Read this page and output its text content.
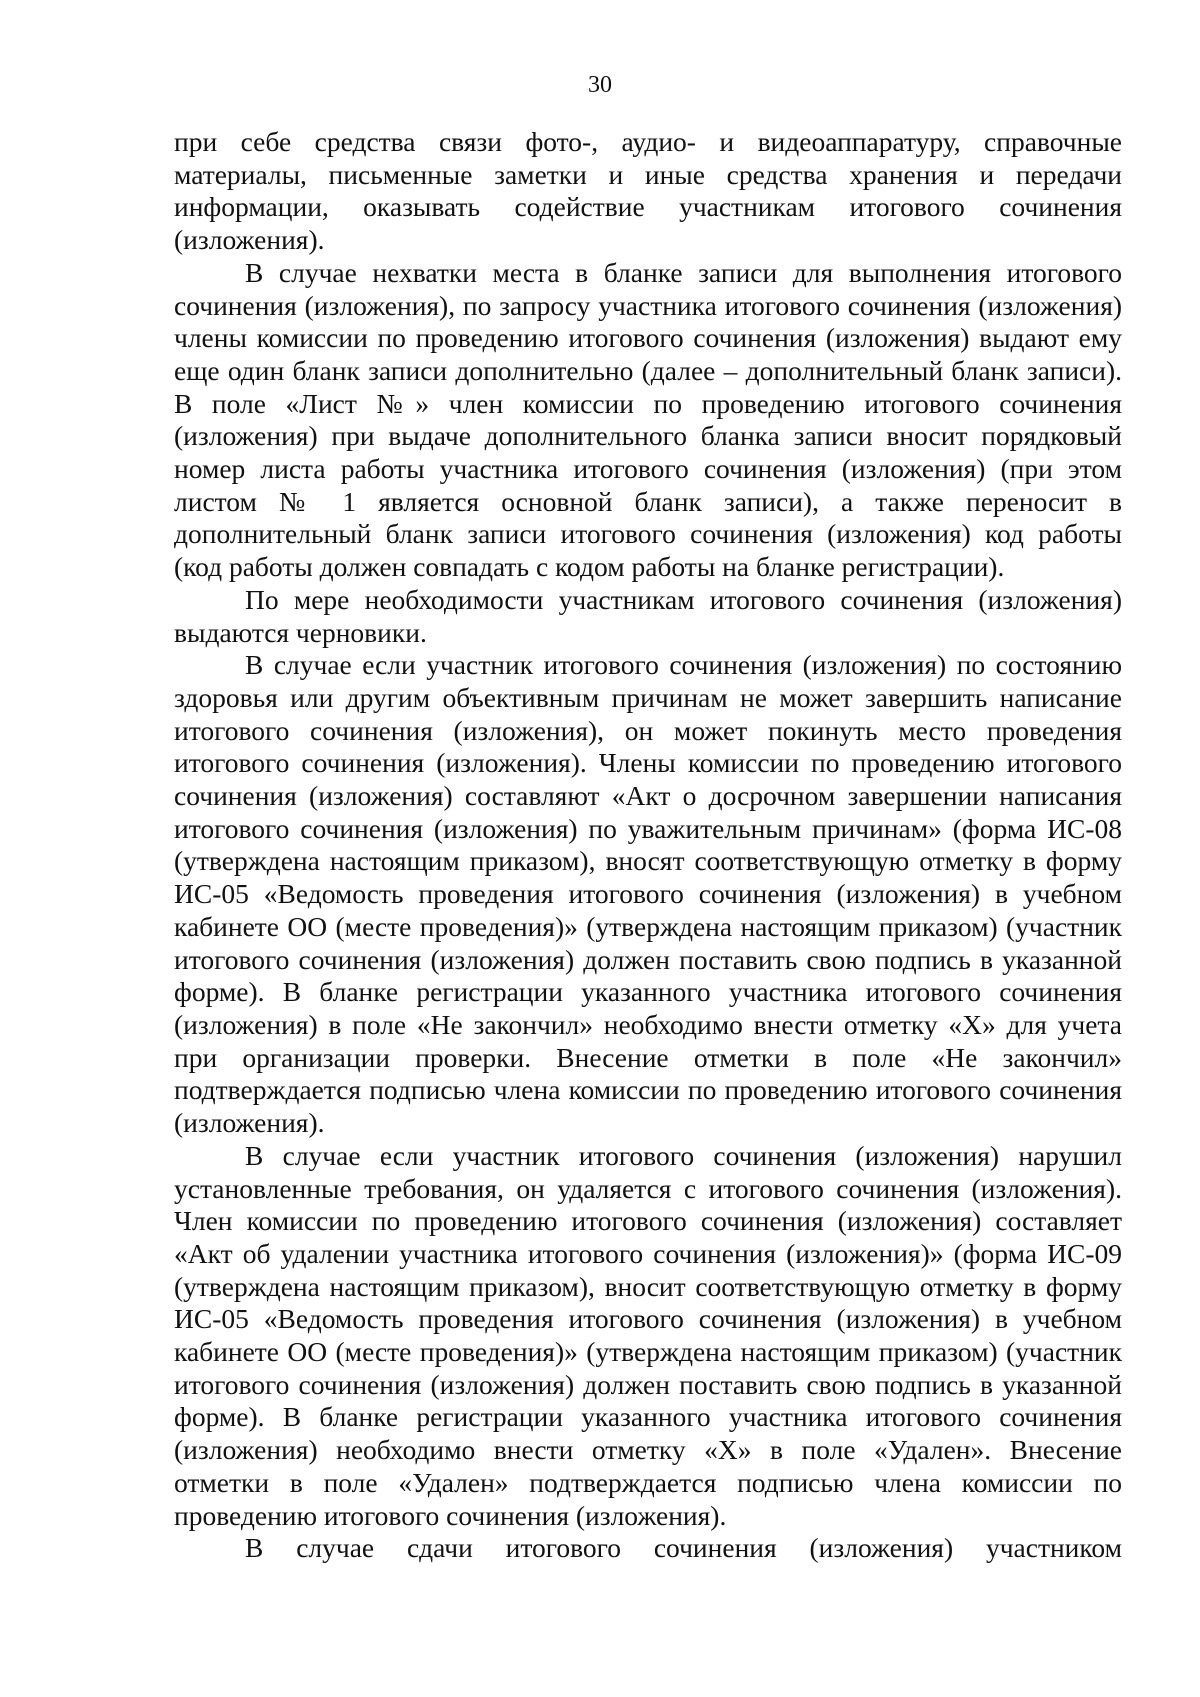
30

при себе средства связи фото-, аудио- и видеоаппаратуру, справочные материалы, письменные заметки и иные средства хранения и передачи информации, оказывать содействие участникам итогового сочинения (изложения).

В случае нехватки места в бланке записи для выполнения итогового сочинения (изложения), по запросу участника итогового сочинения (изложения) члены комиссии по проведению итогового сочинения (изложения) выдают ему еще один бланк записи дополнительно (далее – дополнительный бланк записи). В поле «Лист №» член комиссии по проведению итогового сочинения (изложения) при выдаче дополнительного бланка записи вносит порядковый номер листа работы участника итогового сочинения (изложения) (при этом листом № 1 является основной бланк записи), а также переносит в дополнительный бланк записи итогового сочинения (изложения) код работы (код работы должен совпадать с кодом работы на бланке регистрации).

По мере необходимости участникам итогового сочинения (изложения) выдаются черновики.

В случае если участник итогового сочинения (изложения) по состоянию здоровья или другим объективным причинам не может завершить написание итогового сочинения (изложения), он может покинуть место проведения итогового сочинения (изложения). Члены комиссии по проведению итогового сочинения (изложения) составляют «Акт о досрочном завершении написания итогового сочинения (изложения) по уважительным причинам» (форма ИС-08 (утверждена настоящим приказом), вносят соответствующую отметку в форму ИС-05 «Ведомость проведения итогового сочинения (изложения) в учебном кабинете ОО (месте проведения)» (утверждена настоящим приказом) (участник итогового сочинения (изложения) должен поставить свою подпись в указанной форме). В бланке регистрации указанного участника итогового сочинения (изложения) в поле «Не закончил» необходимо внести отметку «X» для учета при организации проверки. Внесение отметки в поле «Не закончил» подтверждается подписью члена комиссии по проведению итогового сочинения (изложения).

В случае если участник итогового сочинения (изложения) нарушил установленные требования, он удаляется с итогового сочинения (изложения). Член комиссии по проведению итогового сочинения (изложения) составляет «Акт об удалении участника итогового сочинения (изложения)» (форма ИС-09 (утверждена настоящим приказом), вносит соответствующую отметку в форму ИС-05 «Ведомость проведения итогового сочинения (изложения) в учебном кабинете ОО (месте проведения)» (утверждена настоящим приказом) (участник итогового сочинения (изложения) должен поставить свою подпись в указанной форме). В бланке регистрации указанного участника итогового сочинения (изложения) необходимо внести отметку «X» в поле «Удален». Внесение отметки в поле «Удален» подтверждается подписью члена комиссии по проведению итогового сочинения (изложения).

В случае сдачи итогового сочинения (изложения) участником
